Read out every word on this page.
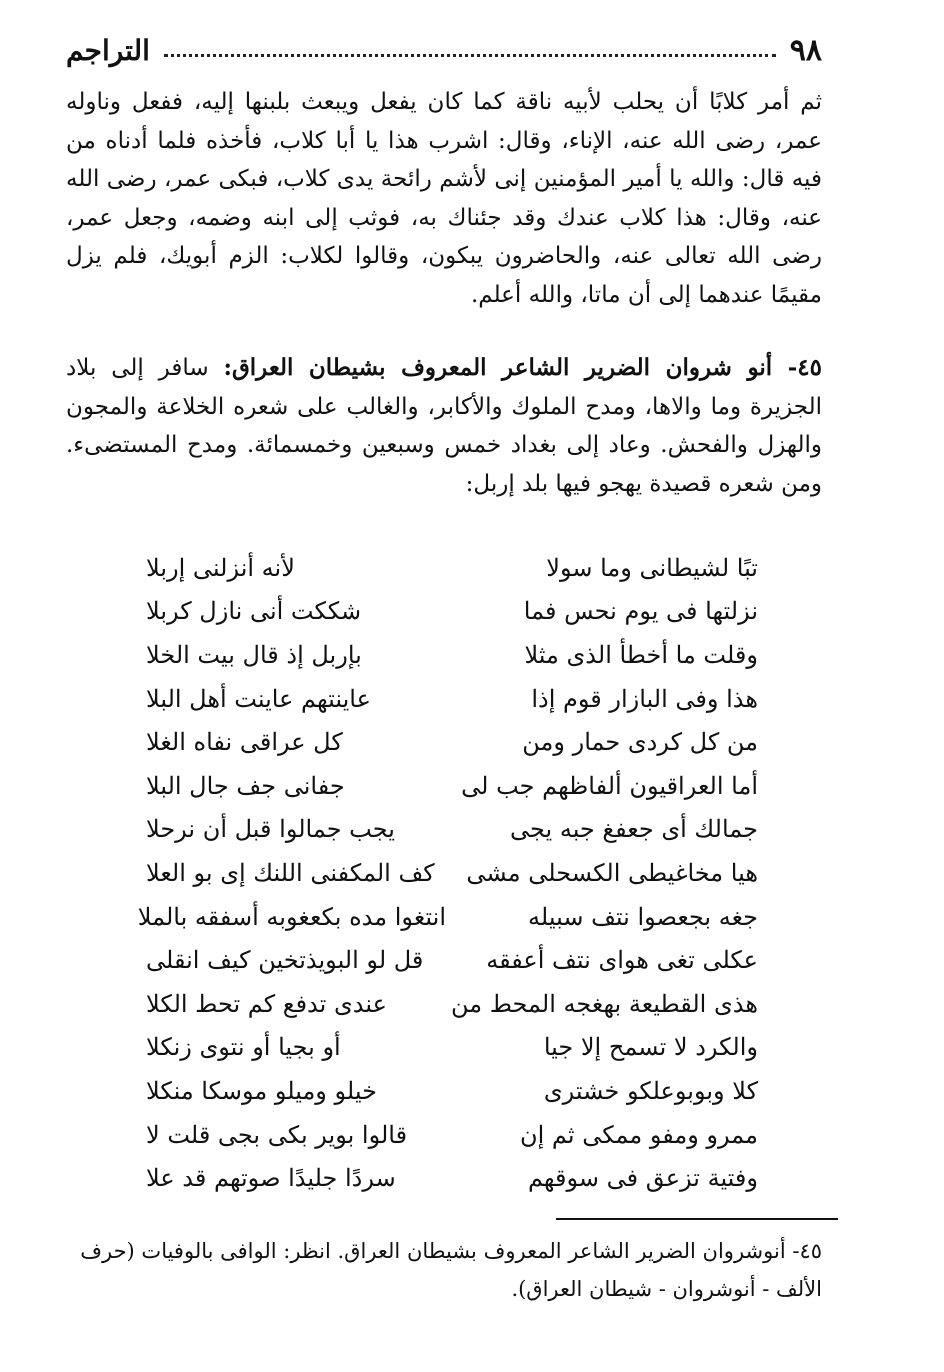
٩٨
التراجم
ثم أمر كلابًا أن يحلب لأبيه ناقة كما كان يفعل ويبعث بلبنها إليه، ففعل وناوله عمر، رضى الله عنه، الإناء، وقال: اشرب هذا يا أبا كلاب، فأخذه فلما أدناه من فيه قال: والله يا أمير المؤمنين إنى لأشم رائحة يدى كلاب، فبكى عمر، رضى الله عنه، وقال: هذا كلاب عندك وقد جئناك به، فوثب إلى ابنه وضمه، وجعل عمر، رضى الله تعالى عنه، والحاضرون يبكون، وقالوا لكلاب: الزم أبويك، فلم يزل مقيمًا عندهما إلى أن ماتا، والله أعلم.
٤٥- أنو شروان الضرير الشاعر المعروف بشيطان العراق: سافر إلى بلاد الجزيرة وما والاها، ومدح الملوك والأكابر، والغالب على شعره الخلاعة والمجون والهزل والفحش. وعاد إلى بغداد خمس وسبعين وخمسمائة. ومدح المستضىء. ومن شعره قصيدة يهجو فيها بلد إربل:
تبًا لشيطانى وما سولا
لأنه أنزلنى إربلا
نزلتها فى يوم نحس فما
شككت أنى نازل كربلا
وقلت ما أخطأ الذى مثلا
بإربل إذ قال بيت الخلا
هذا وفى البازار قوم إذا
عاينتهم عاينت أهل البلا
من كل كردى حمار ومن
كل عراقى نفاه الغلا
أما العراقيون ألفاظهم جب لى
جفانى جف جال البلا
جمالك أى جعفغ جبه يجى
يجب جمالوا قبل أن نرحلا
هيا مخاغيطى الكسحلى مشى
كف المكفنى اللنك إى بو العلا
جغه بجعصوا نتف سبيله
انتغوا مده بكعغوبه أسفقه بالملا
عكلى تغى هواى نتف أعفقه
قل لو البويذتخين كيف انقلى
هذى القطيعة بهغجه المحط من
عندى تدفع كم تحط الكلا
والكرد لا تسمح إلا جيا
أو بجيا أو نتوى زنكلا
كلا وبوبوعلكو خشترى
خيلو وميلو موسكا منكلا
ممرو ومفو ممكى ثم إن
قالوا بوير بكى بجى قلت لا
وفتية تزعق فى سوقهم
سردًا جليدًا صوتهم قد علا
٤٥- أنوشروان الضرير الشاعر المعروف بشيطان العراق. انظر: الوافى بالوفيات (حرف الألف - أنوشروان - شيطان العراق).
